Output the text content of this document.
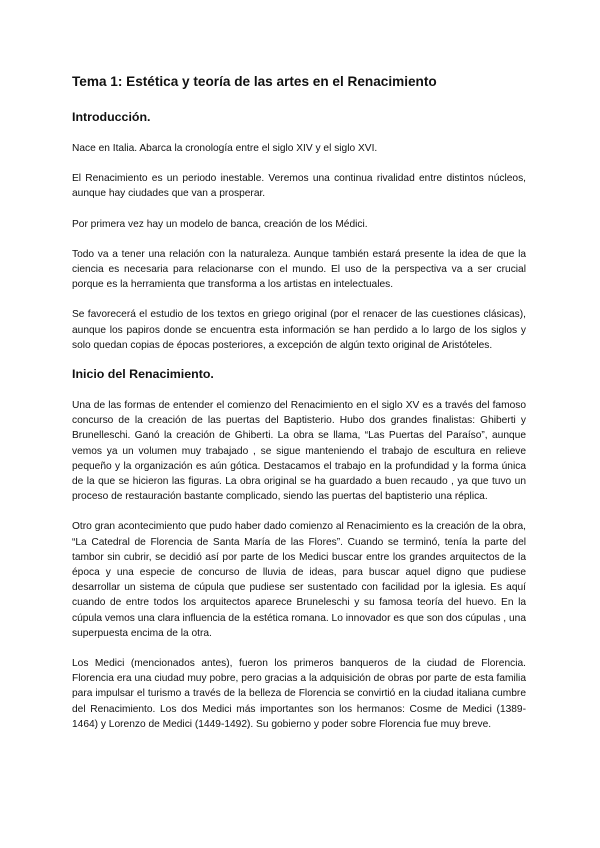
Tema 1: Estética y teoría de las artes en el Renacimiento
Introducción.

Nace en Italia. Abarca la cronología entre el siglo XIV y el siglo XVI.

El Renacimiento es un periodo inestable. Veremos una continua rivalidad entre distintos núcleos, aunque hay ciudades que van a prosperar.

Por primera vez hay un modelo de banca, creación de los Médici.

Todo va a tener una relación con la naturaleza. Aunque también estará presente la idea de que la ciencia es necesaria para relacionarse con el mundo. El uso de la perspectiva va a ser crucial porque es la herramienta que transforma a los artistas en intelectuales.

Se favorecerá el estudio de los textos en griego original (por el renacer de las cuestiones clásicas), aunque los papiros donde se encuentra esta información se han perdido a lo largo de los siglos y solo quedan copias de épocas posteriores, a excepción de algún texto original de Aristóteles.

Inicio del Renacimiento.

Una de las formas de entender el comienzo del Renacimiento en el siglo XV es a través del famoso concurso de la creación de las puertas del Baptisterio. Hubo dos grandes finalistas: Ghiberti y Brunelleschi. Ganó la creación de Ghiberti. La obra se llama, “Las Puertas del Paraíso”, aunque vemos ya un volumen muy trabajado , se sigue manteniendo el trabajo de escultura en relieve pequeño y la organización es aún gótica. Destacamos el trabajo en la profundidad y la forma única de la que se hicieron las figuras. La obra original se ha guardado a buen recaudo , ya que tuvo un proceso de restauración bastante complicado, siendo las puertas del baptisterio una réplica.

Otro gran acontecimiento que pudo haber dado comienzo al Renacimiento es la creación de la obra, “La Catedral de Florencia de Santa María de las Flores”. Cuando se terminó, tenía la parte del tambor sin cubrir, se decidió así por parte de los Medici buscar entre los grandes arquitectos de la época y una especie de concurso de lluvia de ideas, para buscar aquel digno que pudiese desarrollar un sistema de cúpula que pudiese ser sustentado con facilidad por la iglesia. Es aquí cuando de entre todos los arquitectos aparece Bruneleschi y su famosa teoría del huevo. En la cúpula vemos una clara influencia de la estética romana. Lo innovador es que son dos cúpulas , una superpuesta encima de la otra.

Los Medici (mencionados antes), fueron los primeros banqueros de la ciudad de Florencia. Florencia era una ciudad muy pobre, pero gracias a la adquisición de obras por parte de esta familia para impulsar el turismo a través de la belleza de Florencia se convirtió en la ciudad italiana cumbre del Renacimiento. Los dos Medici más importantes son los hermanos: Cosme de Medici (1389-1464) y Lorenzo de Medici (1449-1492). Su gobierno y poder sobre Florencia fue muy breve.
